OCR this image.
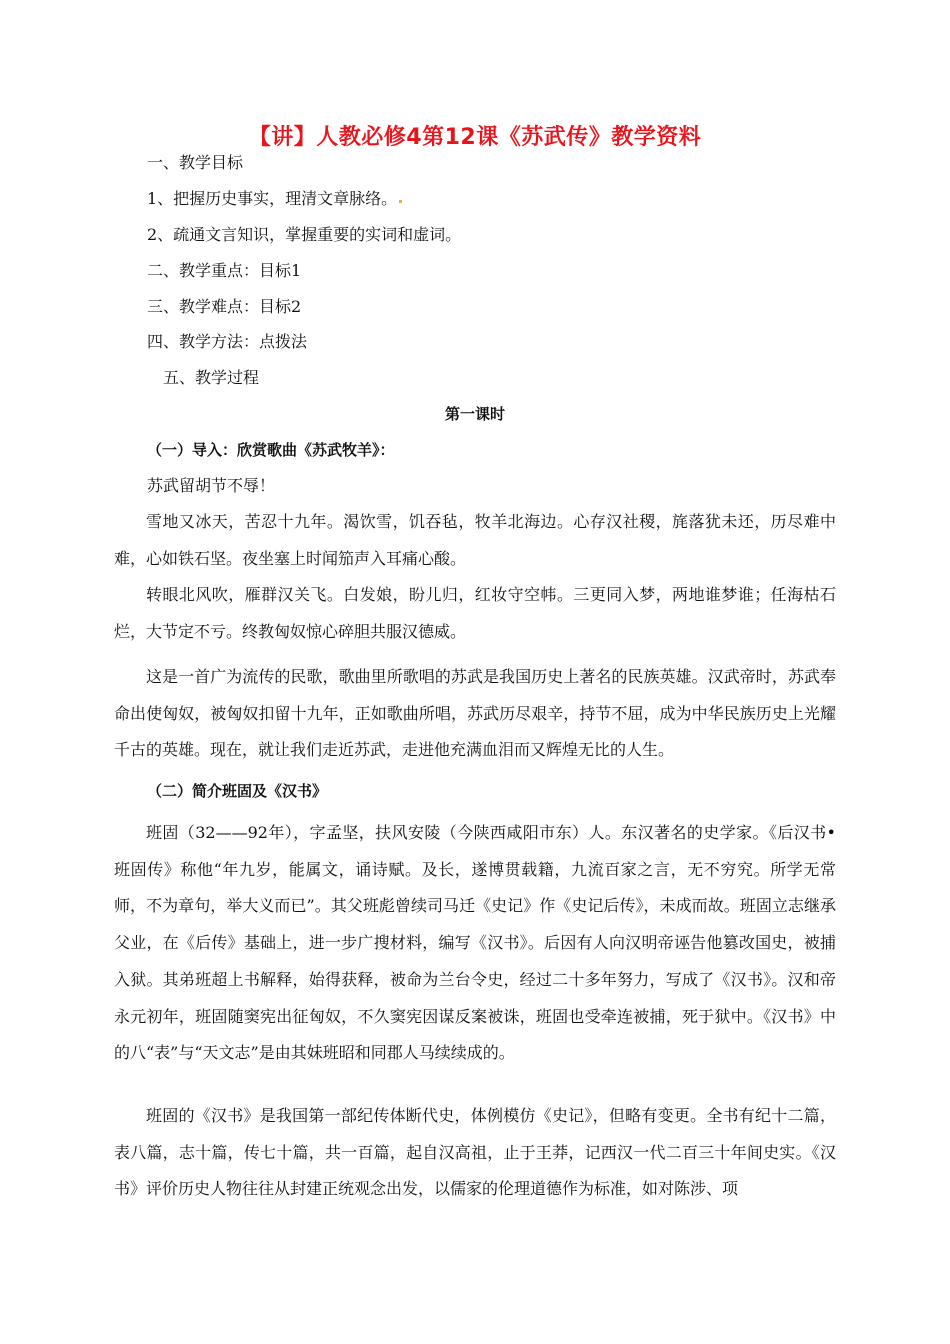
【讲】人教必修4第12课《苏武传》教学资料
一、教学目标
1、把握历史事实，理清文章脉络。
2、疏通文言知识，掌握重要的实词和虚词。
二、教学重点：目标1
三、教学难点：目标2
四、教学方法：点拨法
五、教学过程
第一课时
（一）导入：欣赏歌曲《苏武牧羊》：
苏武留胡节不辱！
雪地又冰天，苦忍十九年。渴饮雪，饥吞毡，牧羊北海边。心存汉社稷，旄落犹未还，历尽难中难，心如铁石坚。夜坐塞上时闻笳声入耳痛心酸。
转眼北风吹，雁群汉关飞。白发娘，盼儿归，红妆守空帏。三更同入梦，两地谁梦谁；任海枯石烂，大节定不亏。终教匈奴惊心碎胆共服汉德威。
这是一首广为流传的民歌，歌曲里所歌唱的苏武是我国历史上著名的民族英雄。汉武帝时，苏武奉命出使匈奴，被匈奴扣留十九年，正如歌曲所唱，苏武历尽艰辛，持节不屈，成为中华民族历史上光耀千古的英雄。现在，就让我们走近苏武，走进他充满血泪而又辉煌无比的人生。
（二）简介班固及《汉书》
班固（32——92年），字孟坚，扶风安陵（今陕西咸阳市东）人。东汉著名的史学家。《后汉书•班固传》称他“年九岁，能属文，诵诗赋。及长，遂博贯载籍，九流百家之言，无不穷究。所学无常师，不为章句，举大义而已”。其父班彪曾续司马迁《史记》作《史记后传》，未成而故。班固立志继承父业，在《后传》基础上，进一步广搜材料，编写《汉书》。后因有人向汉明帝诬告他篡改国史，被捕入狱。其弟班超上书解释，始得获释，被命为兰台令史，经过二十多年努力，写成了《汉书》。汉和帝永元初年，班固随窦宪出征匈奴，不久窦宪因谋反案被诛，班固也受牵连被捕，死于狱中。《汉书》中的八“表”与“天文志”是由其妹班昭和同郡人马续续成的。
班固的《汉书》是我国第一部纪传体断代史，体例模仿《史记》，但略有变更。全书有纪十二篇，表八篇，志十篇，传七十篇，共一百篇，起自汉高祖，止于王莽，记西汉一代二百三十年间史实。《汉书》评价历史人物往往从封建正统观念出发，以儒家的伦理道德作为标准，如对陈涉、项
